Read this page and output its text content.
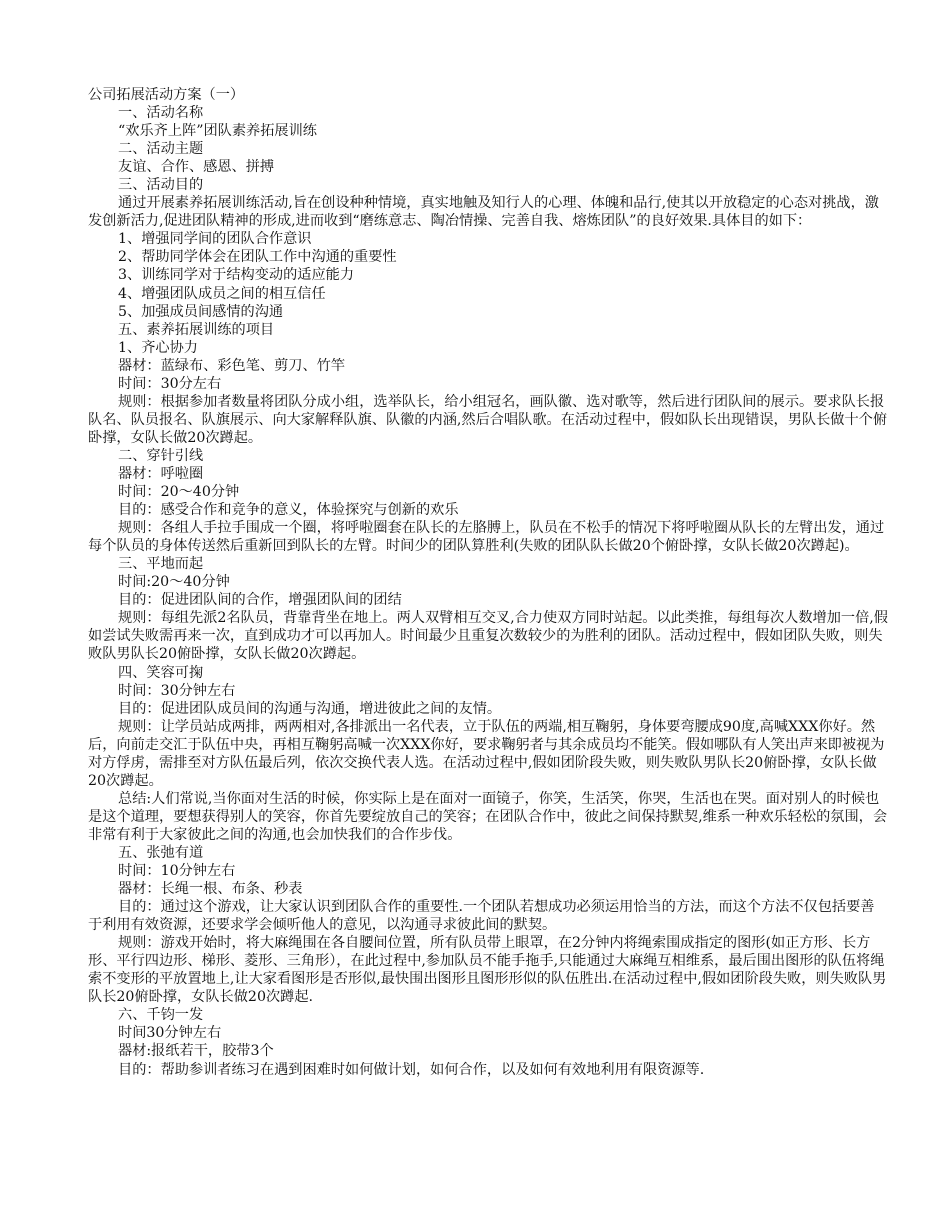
公司拓展活动方案（一）

一、活动名称

“欢乐齐上阵”团队素养拓展训练

二、活动主题

友谊、合作、感恩、拼搏

三、活动目的

通过开展素养拓展训练活动,旨在创设种种情境，真实地触及知行人的心理、体魄和品行,使其以开放稳定的心态对挑战，激发创新活力,促进团队精神的形成,进而收到“磨练意志、陶冶情操、完善自我、熔炼团队”的良好效果.具体目的如下：

1、增强同学间的团队合作意识

2、帮助同学体会在团队工作中沟通的重要性

3、训练同学对于结构变动的适应能力

4、增强团队成员之间的相互信任

5、加强成员间感情的沟通

五、素养拓展训练的项目

1、齐心协力

器材：蓝绿布、彩色笔、剪刀、竹竿

时间：30分左右

规则：根据参加者数量将团队分成小组，选举队长，给小组冠名，画队徽、选对歌等，然后进行团队间的展示。要求队长报队名、队员报名、队旗展示、向大家解释队旗、队徽的内涵,然后合唱队歌。在活动过程中，假如队长出现错误，男队长做十个俯卧撑，女队长做20次蹲起。

二、穿针引线

器材：呼啦圈

时间：20～40分钟

目的：感受合作和竞争的意义，体验探究与创新的欢乐

规则：各组人手拉手围成一个圈，将呼啦圈套在队长的左胳膊上，队员在不松手的情况下将呼啦圈从队长的左臂出发，通过每个队员的身体传送然后重新回到队长的左臂。时间少的团队算胜利(失败的团队队长做20个俯卧撑，女队长做20次蹲起)。

三、平地而起

时间:20～40分钟

目的：促进团队间的合作，增强团队间的团结

规则：每组先派2名队员，背靠背坐在地上。两人双臂相互交叉,合力使双方同时站起。以此类推，每组每次人数增加一倍,假如尝试失败需再来一次，直到成功才可以再加人。时间最少且重复次数较少的为胜利的团队。活动过程中，假如团队失败，则失败队男队长20俯卧撑，女队长做20次蹲起。

四、笑容可掬

时间：30分钟左右

目的：促进团队成员间的沟通与沟通，增进彼此之间的友情。

规则：让学员站成两排，两两相对,各排派出一名代表，立于队伍的两端,相互鞠躬，身体要弯腰成90度,高喊XXX你好。然后，向前走交汇于队伍中央，再相互鞠躬高喊一次XXX你好，要求鞠躬者与其余成员均不能笑。假如哪队有人笑出声来即被视为对方俘虏，需排至对方队伍最后列，依次交换代表人选。在活动过程中,假如团阶段失败，则失败队男队长20俯卧撑，女队长做20次蹲起。

总结:人们常说,当你面对生活的时候，你实际上是在面对一面镜子，你笑，生活笑，你哭，生活也在哭。面对别人的时候也是这个道理，要想获得别人的笑容，你首先要绽放自己的笑容；在团队合作中，彼此之间保持默契,维系一种欢乐轻松的氛围，会非常有利于大家彼此之间的沟通,也会加快我们的合作步伐。

五、张弛有道

时间：10分钟左右

器材：长绳一根、布条、秒表

目的：通过这个游戏，让大家认识到团队合作的重要性.一个团队若想成功必须运用恰当的方法，而这个方法不仅包括要善于利用有效资源，还要求学会倾听他人的意见，以沟通寻求彼此间的默契。

规则：游戏开始时，将大麻绳围在各自腰间位置，所有队员带上眼罩，在2分钟内将绳索围成指定的图形(如正方形、长方形、平行四边形、梯形、菱形、三角形），在此过程中,参加队员不能手拖手,只能通过大麻绳互相维系，最后围出图形的队伍将绳索不变形的平放置地上,让大家看图形是否形似,最快围出图形且图形形似的队伍胜出.在活动过程中,假如团阶段失败，则失败队男队长20俯卧撑，女队长做20次蹲起.

六、千钧一发

时间30分钟左右

器材:报纸若干，胶带3个

目的：帮助参训者练习在遇到困难时如何做计划，如何合作，以及如何有效地利用有限资源等.
